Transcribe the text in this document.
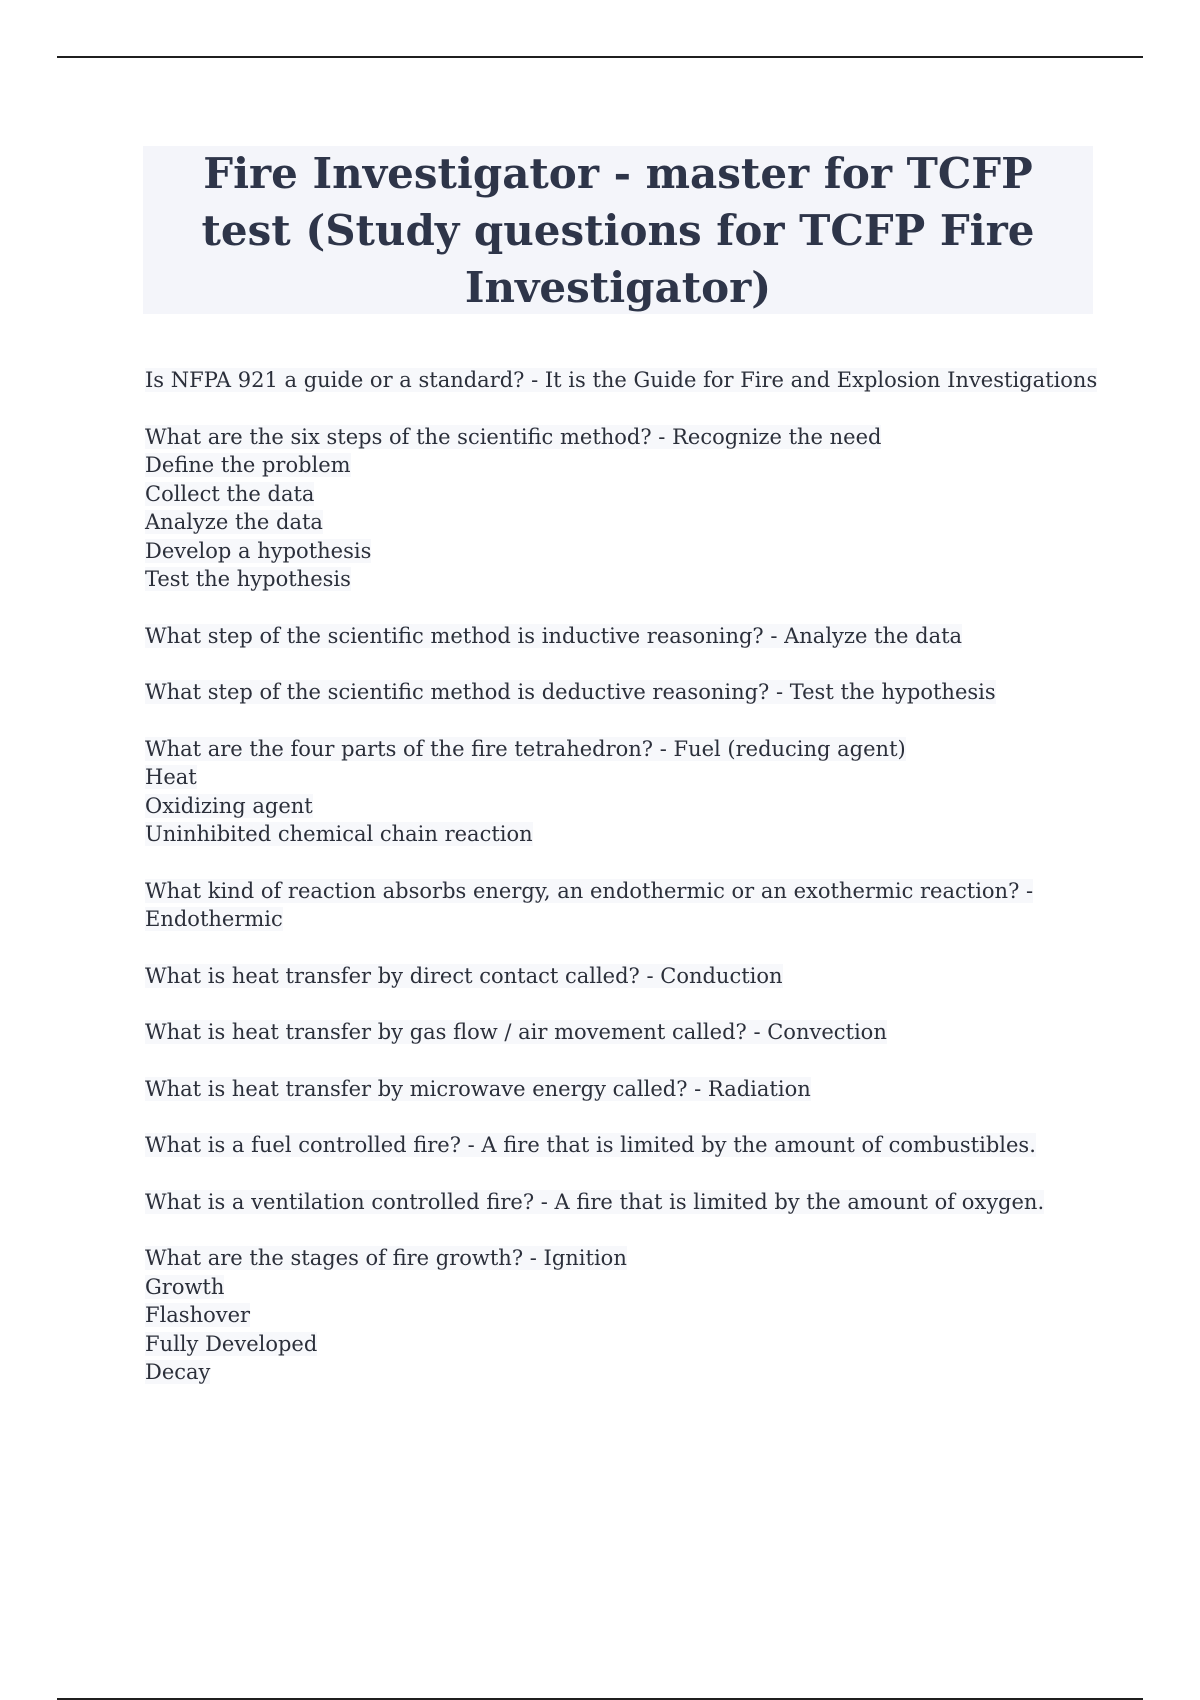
Fire Investigator - master for TCFP test (Study questions for TCFP Fire Investigator)
Is NFPA 921 a guide or a standard? - It is the Guide for Fire and Explosion Investigations
What are the six steps of the scientific method? - Recognize the need
Define the problem
Collect the data
Analyze the data
Develop a hypothesis
Test the hypothesis
What step of the scientific method is inductive reasoning? - Analyze the data
What step of the scientific method is deductive reasoning? - Test the hypothesis
What are the four parts of the fire tetrahedron? - Fuel (reducing agent)
Heat
Oxidizing agent
Uninhibited chemical chain reaction
What kind of reaction absorbs energy, an endothermic or an exothermic reaction? -
Endothermic
What is heat transfer by direct contact called? - Conduction
What is heat transfer by gas flow / air movement called? - Convection
What is heat transfer by microwave energy called? - Radiation
What is a fuel controlled fire? - A fire that is limited by the amount of combustibles.
What is a ventilation controlled fire? - A fire that is limited by the amount of oxygen.
What are the stages of fire growth? - Ignition
Growth
Flashover
Fully Developed
Decay
